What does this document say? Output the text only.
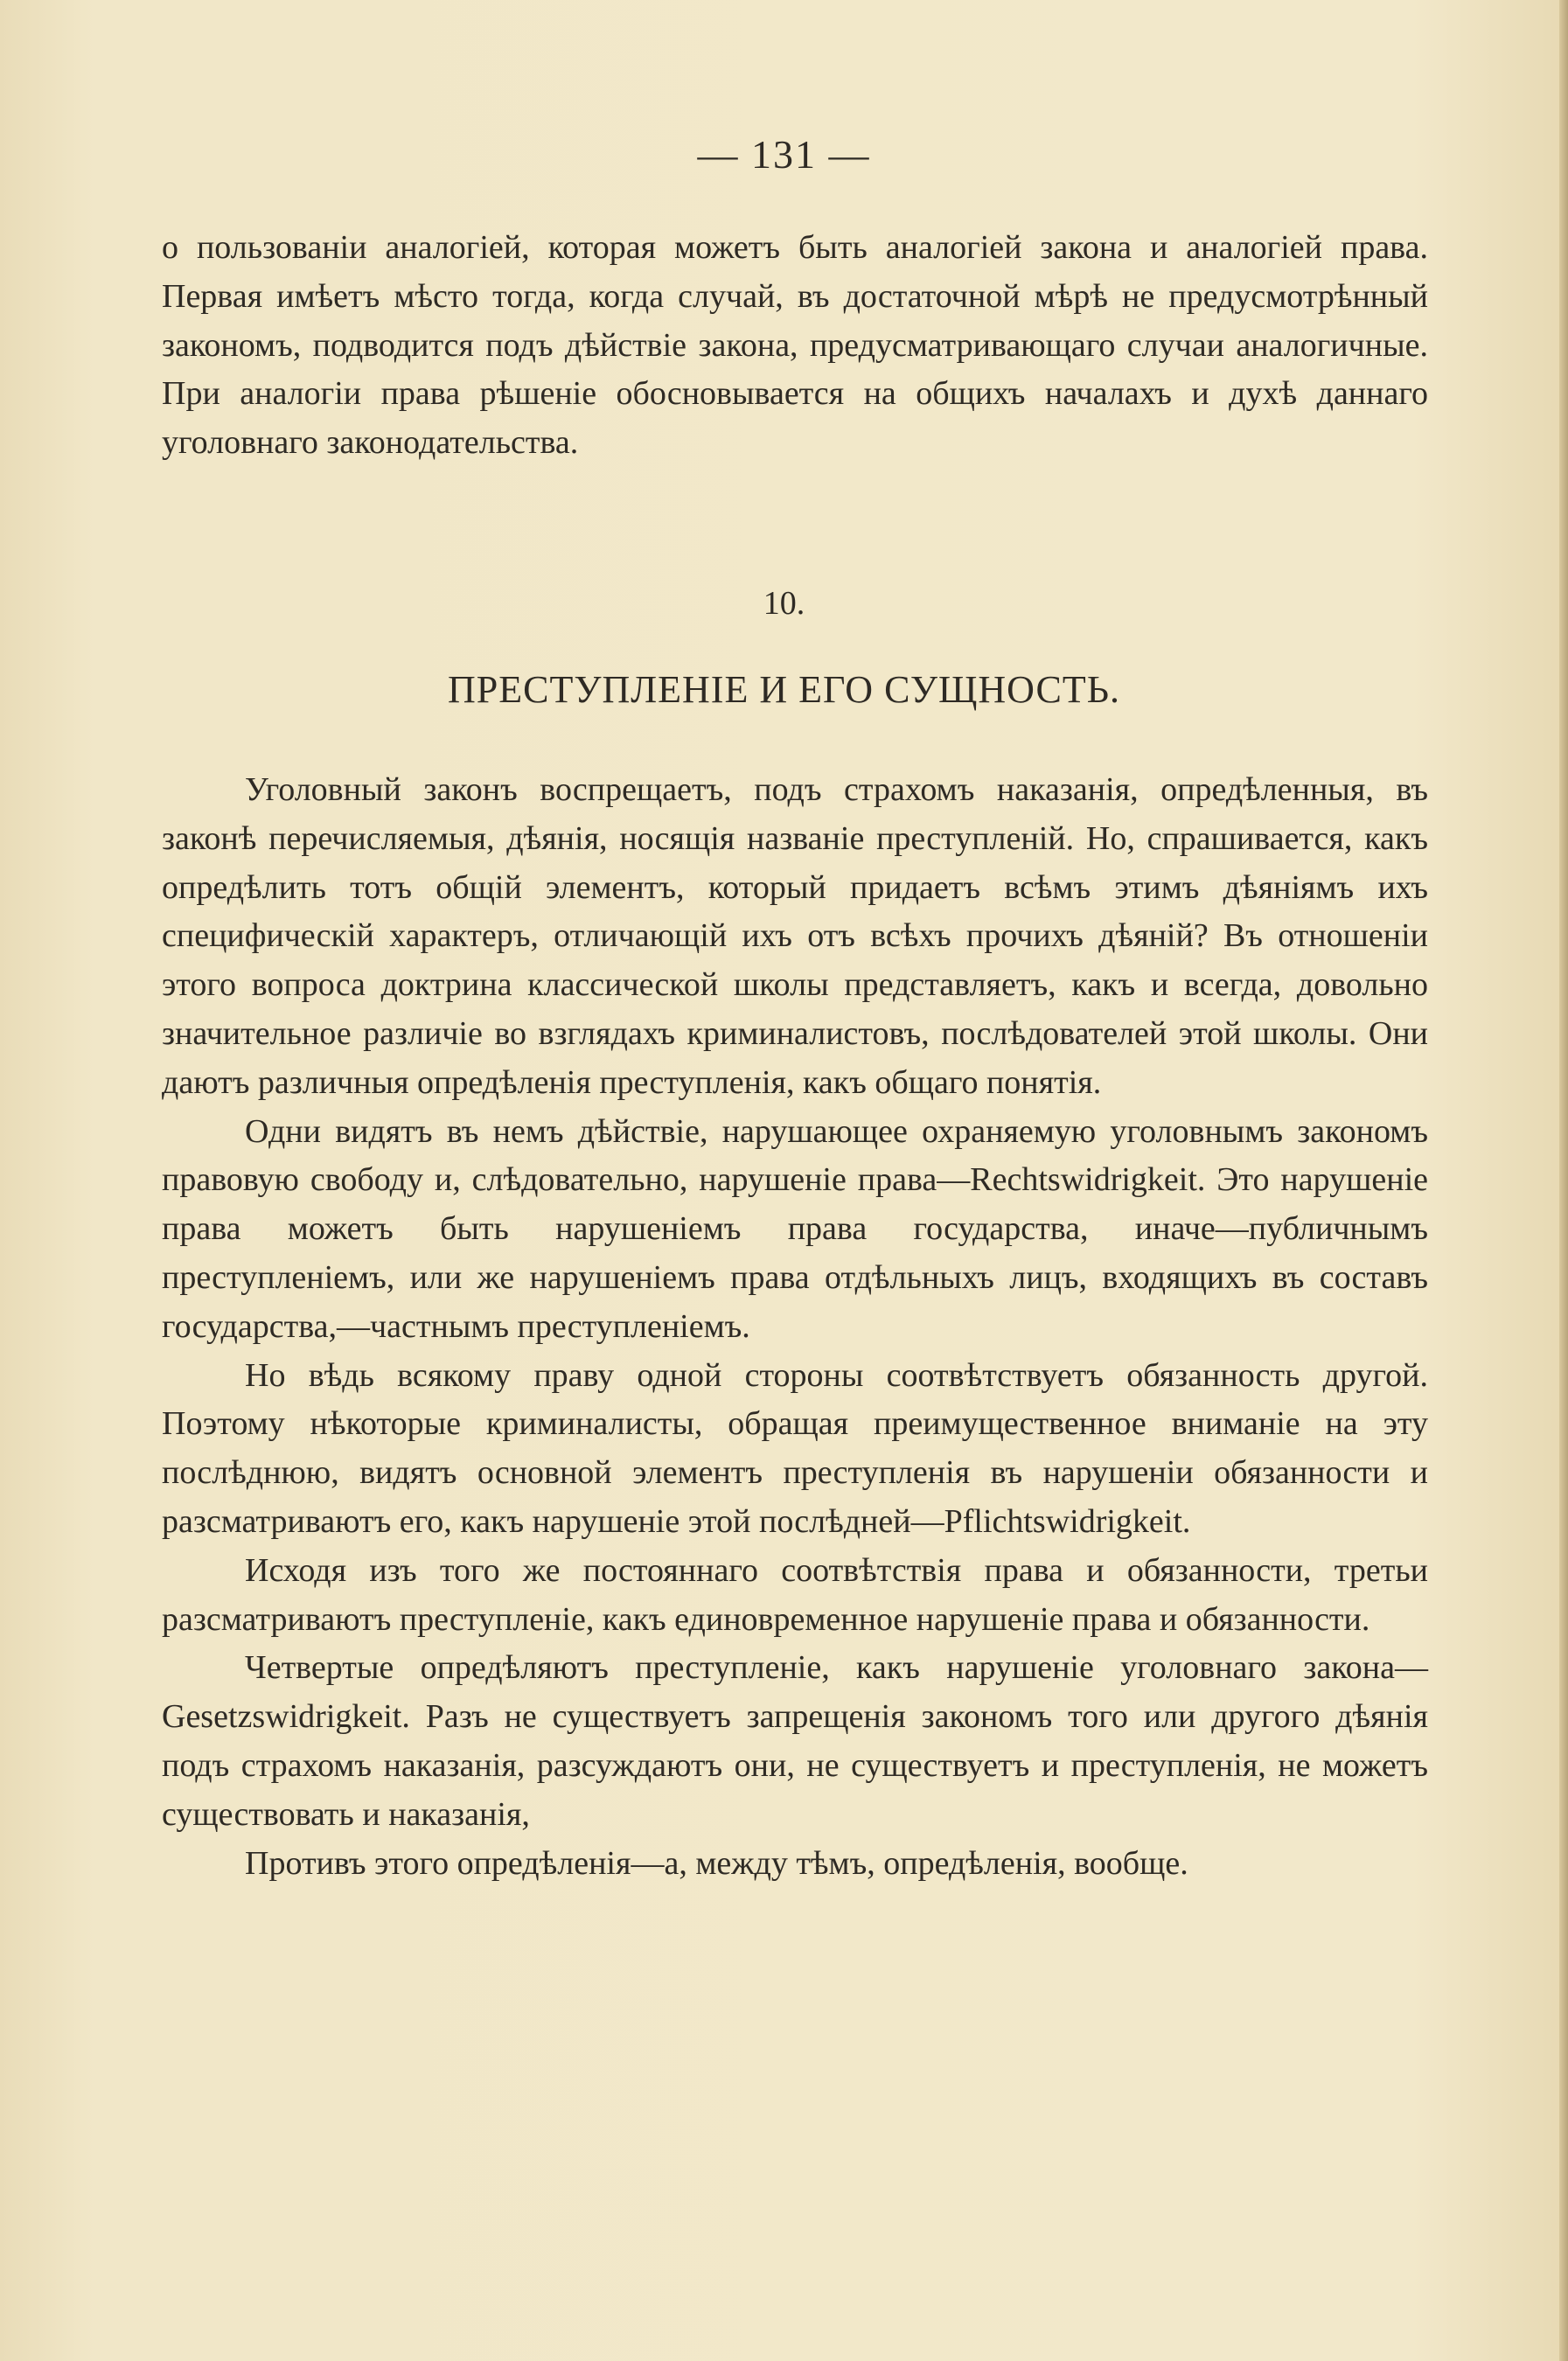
— 131 —

о пользованіи аналогіей, которая можетъ быть аналогіей закона и аналогіей права. Первая имѣетъ мѣсто тогда, когда случай, въ достаточной мѣрѣ не предусмотрѣнный закономъ, подводится подъ дѣйствіе закона, предусматривающаго случаи аналогичные. При аналогіи права рѣшеніе обосновывается на общихъ началахъ и духѣ даннаго уголовнаго законодательства.

10.
ПРЕСТУПЛЕНІЕ И ЕГО СУЩНОСТЬ.

Уголовный законъ воспрещаетъ, подъ страхомъ наказанія, опредѣленныя, въ законѣ перечисляемыя, дѣянія, носящія названіе преступленій. Но, спрашивается, какъ опредѣлить тотъ общій элементъ, который придаетъ всѣмъ этимъ дѣяніямъ ихъ специфическій характеръ, отличающій ихъ отъ всѣхъ прочихъ дѣяній? Въ отношеніи этого вопроса доктрина классической школы представляетъ, какъ и всегда, довольно значительное различіе во взглядахъ криминалистовъ, послѣдователей этой школы. Они даютъ различныя опредѣленія преступленія, какъ общаго понятія.

Одни видятъ въ немъ дѣйствіе, нарушающее охраняемую уголовнымъ закономъ правовую свободу и, слѣдовательно, нарушеніе права—Rechtswidrigkeit. Это нарушеніе права можетъ быть нарушеніемъ права государства, иначе—публичнымъ преступленіемъ, или же нарушеніемъ права отдѣльныхъ лицъ, входящихъ въ составъ государства,—частнымъ преступленіемъ.

Но вѣдь всякому праву одной стороны соотвѣтствуетъ обязанность другой. Поэтому нѣкоторые криминалисты, обращая преимущественное вниманіе на эту послѣднюю, видятъ основной элементъ преступленія въ нарушеніи обязанности и разсматриваютъ его, какъ нарушеніе этой послѣдней—Pflichtswidrigkeit.

Исходя изъ того же постояннаго соотвѣтствія права и обязанности, третьи разсматриваютъ преступленіе, какъ единовременное нарушеніе права и обязанности.

Четвертые опредѣляютъ преступленіе, какъ нарушеніе уголовнаго закона—Gesetzswidrigkeit. Разъ не существуетъ запрещенія закономъ того или другого дѣянія подъ страхомъ наказанія, разсуждаютъ они, не существуетъ и преступленія, не можетъ существовать и наказанія,

Противъ этого опредѣленія—а, между тѣмъ, опредѣленія, вообще.
